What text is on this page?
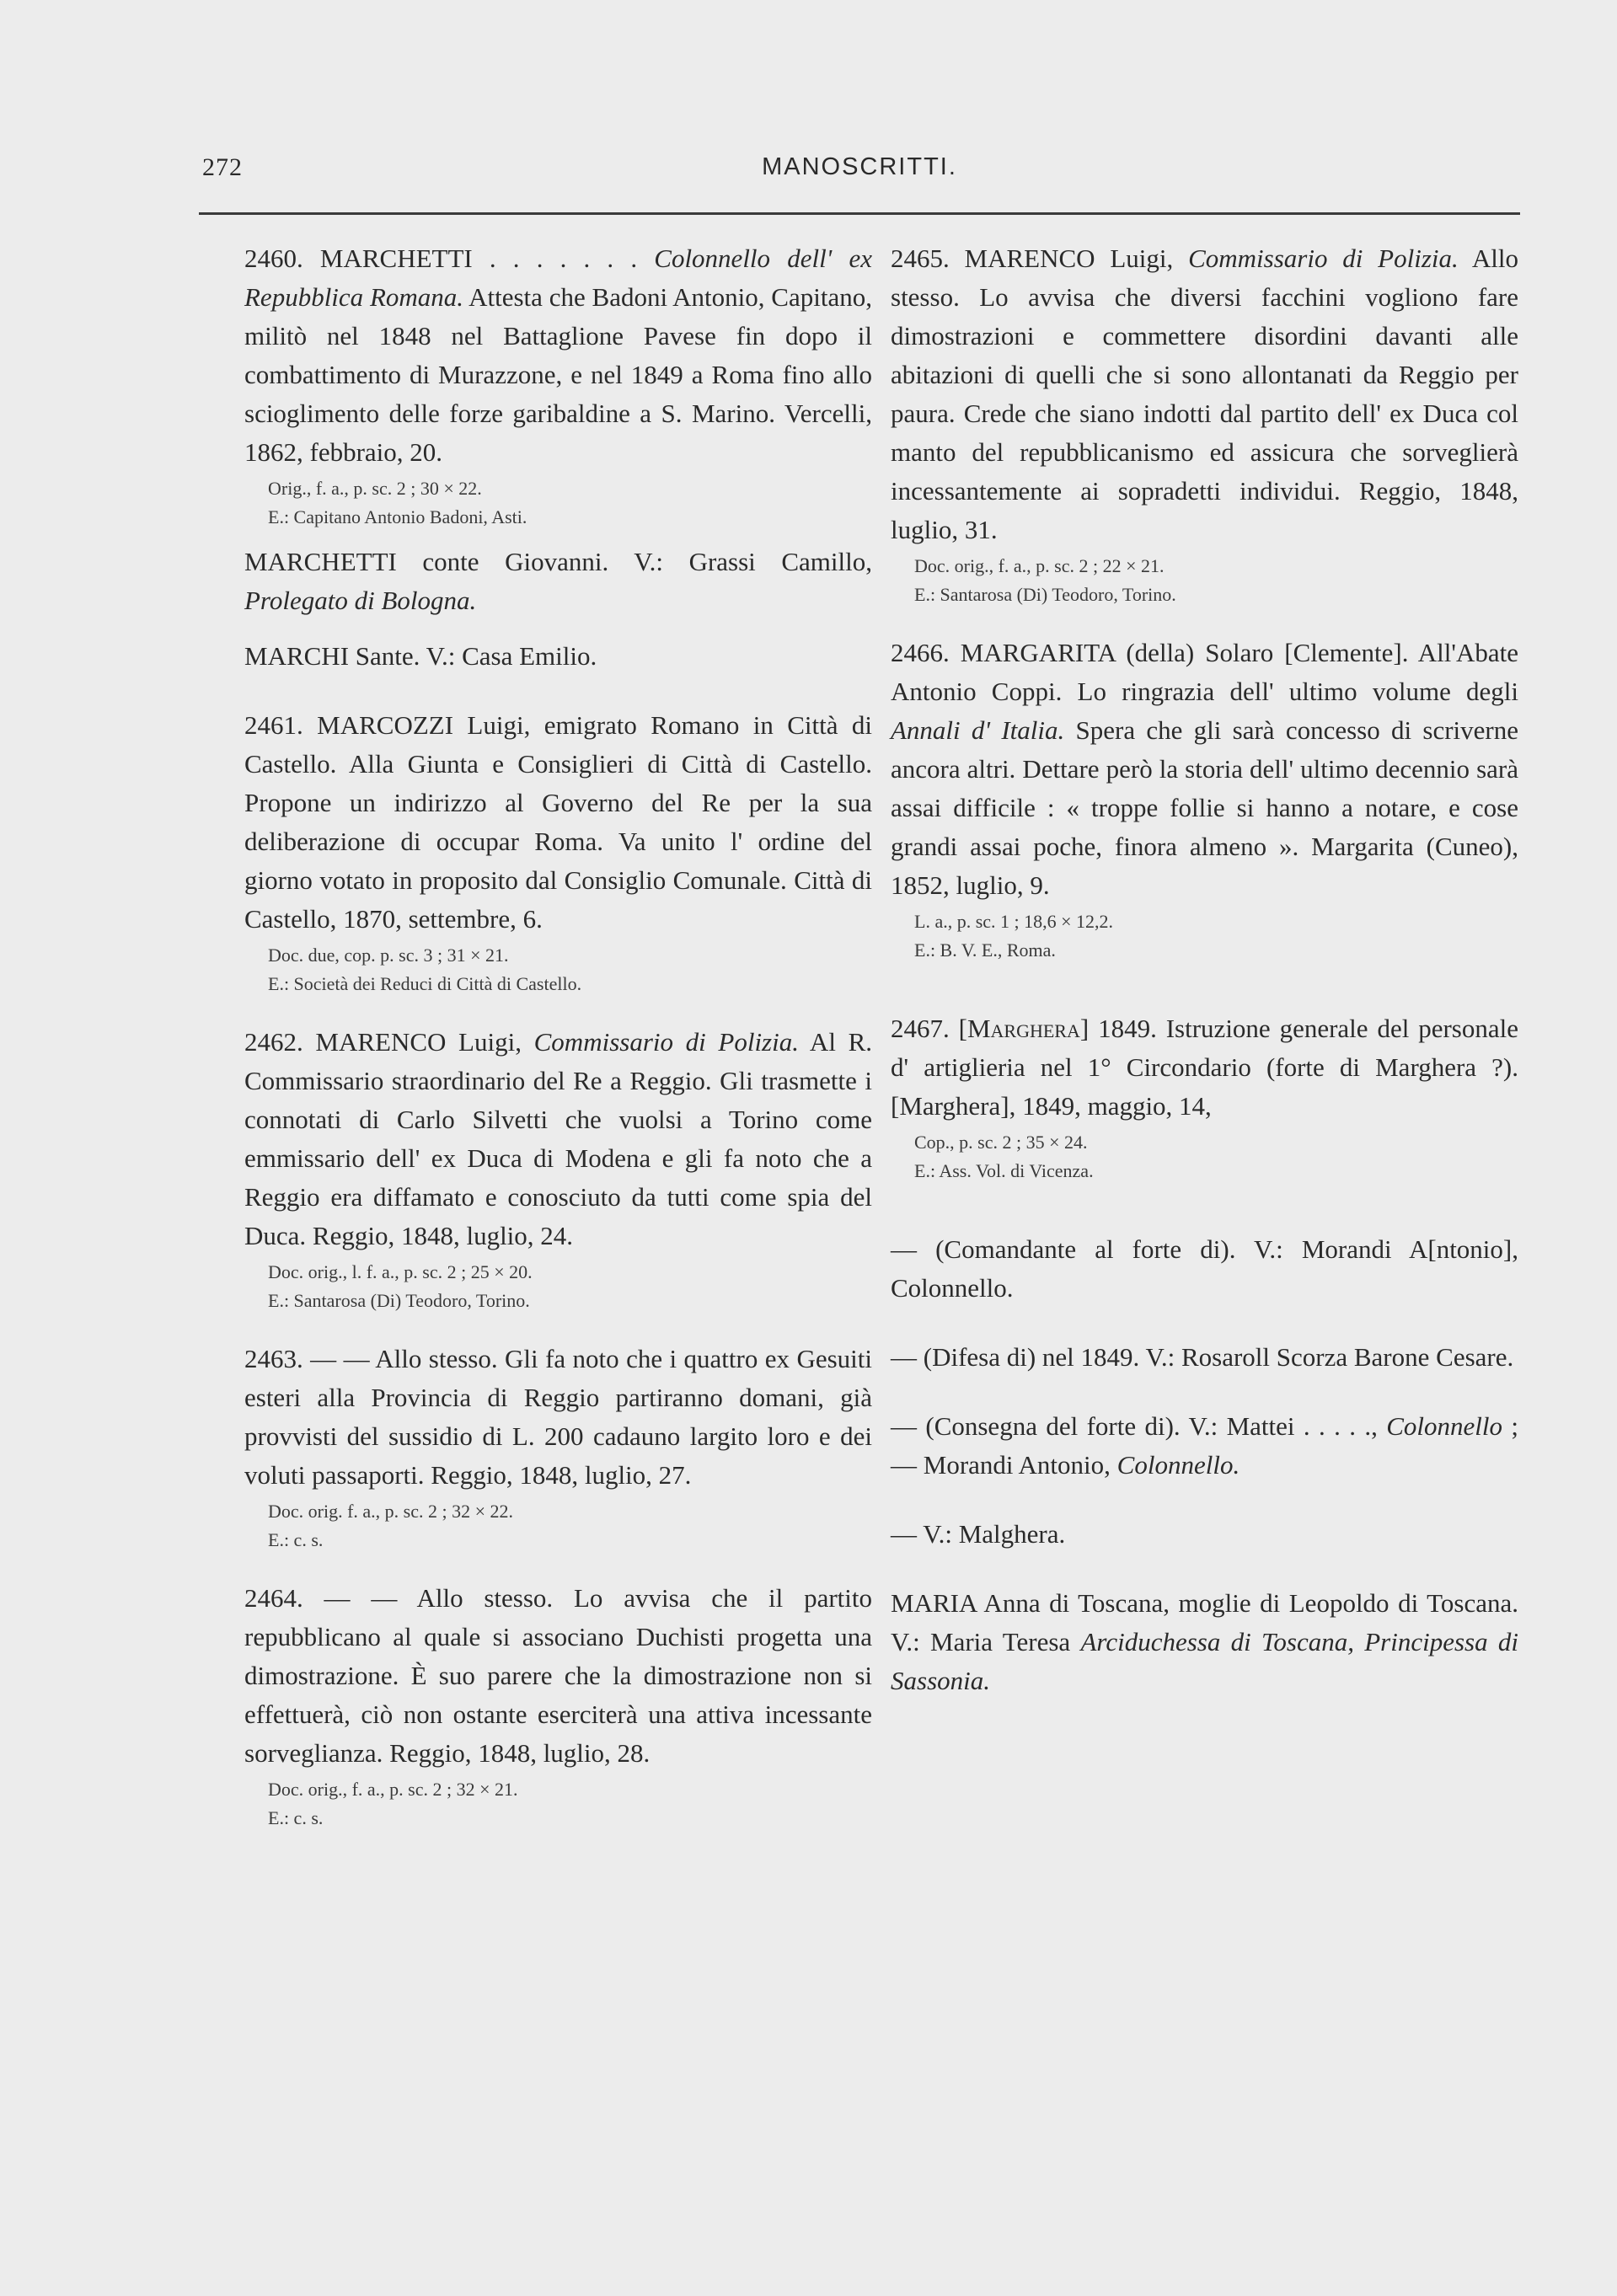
272	MANOSCRITTI.

2460. MARCHETTI . . . . . . . Colonnello dell' ex Repubblica Romana. Attesta che Badoni Antonio, Capitano, militò nel 1848 nel Battaglione Pavese fin dopo il combattimento di Murazzone, e nel 1849 a Roma fino allo scioglimento delle forze garibaldine a S. Marino. Vercelli, 1862, febbraio, 20.

Orig., f. a., p. sc. 2 ; 30 × 22.
E.: Capitano Antonio Badoni, Asti.

MARCHETTI conte Giovanni. V.: Grassi Camillo, Prolegato di Bologna.

MARCHI Sante. V.: Casa Emilio.

2461. MARCOZZI Luigi, emigrato Romano in Città di Castello. Alla Giunta e Consiglieri di Città di Castello. Propone un indirizzo al Governo del Re per la sua deliberazione di occupar Roma. Va unito l' ordine del giorno votato in proposito dal Consiglio Comunale. Città di Castello, 1870, settembre, 6.

Doc. due, cop. p. sc. 3 ; 31 × 21.
E.: Società dei Reduci di Città di Castello.

2462. MARENCO Luigi, Commissario di Polizia. Al R. Commissario straordinario del Re a Reggio. Gli trasmette i connotati di Carlo Silvetti che vuolsi a Torino come emmissario dell' ex Duca di Modena e gli fa noto che a Reggio era diffamato e conosciuto da tutti come spia del Duca. Reggio, 1848, luglio, 24.

Doc. orig., l. f. a., p. sc. 2 ; 25 × 20.
E.: Santarosa (Di) Teodoro, Torino.

2463. — — Allo stesso. Gli fa noto che i quattro ex Gesuiti esteri alla Provincia di Reggio partiranno domani, già provvisti del sussidio di L. 200 cadauno largito loro e dei voluti passaporti. Reggio, 1848, luglio, 27.

Doc. orig. f. a., p. sc. 2 ; 32 × 22.
E.: c. s.

2464. — — Allo stesso. Lo avvisa che il partito repubblicano al quale si associano Duchisti progetta una dimostrazione. È suo parere che la dimostrazione non si effettuerà, ciò non ostante eserciterà una attiva incessante sorveglianza. Reggio, 1848, luglio, 28.

Doc. orig., f. a., p. sc. 2 ; 32 × 21.
E.: c. s.

2465. MARENCO Luigi, Commissario di Polizia. Allo stesso. Lo avvisa che diversi facchini vogliono fare dimostrazioni e commettere disordini davanti alle abitazioni di quelli che si sono allontanati da Reggio per paura. Crede che siano indotti dal partito dell' ex Duca col manto del repubblicanismo ed assicura che sorveglierà incessantemente ai sopradetti individui. Reggio, 1848, luglio, 31.

Doc. orig., f. a., p. sc. 2 ; 22 × 21.
E.: Santarosa (Di) Teodoro, Torino.

2466. MARGARITA (della) Solaro [Clemente]. All'Abate Antonio Coppi. Lo ringrazia dell' ultimo volume degli Annali d' Italia. Spera che gli sarà concesso di scriverne ancora altri. Dettare però la storia dell' ultimo decennio sarà assai difficile : « troppe follie si hanno a notare, e cose grandi assai poche, finora almeno ». Margarita (Cuneo), 1852, luglio, 9.

L. a., p. sc. 1 ; 18,6 × 12,2.
E.: B. V. E., Roma.

2467. [Marghera] 1849. Istruzione generale del personale d' artiglieria nel 1° Circondario (forte di Marghera ?). [Marghera], 1849, maggio, 14,

Cop., p. sc. 2 ; 35 × 24.
E.: Ass. Vol. di Vicenza.

— (Comandante al forte di). V.: Morandi A[ntonio], Colonnello.

— (Difesa di) nel 1849. V.: Rosaroll Scorza Barone Cesare.

— (Consegna del forte di). V.: Mattei . . . . ., Colonnello ; — Morandi Antonio, Colonnello.

— V.: Malghera.

MARIA Anna di Toscana, moglie di Leopoldo di Toscana. V.: Maria Teresa Arciduchessa di Toscana, Principessa di Sassonia.
